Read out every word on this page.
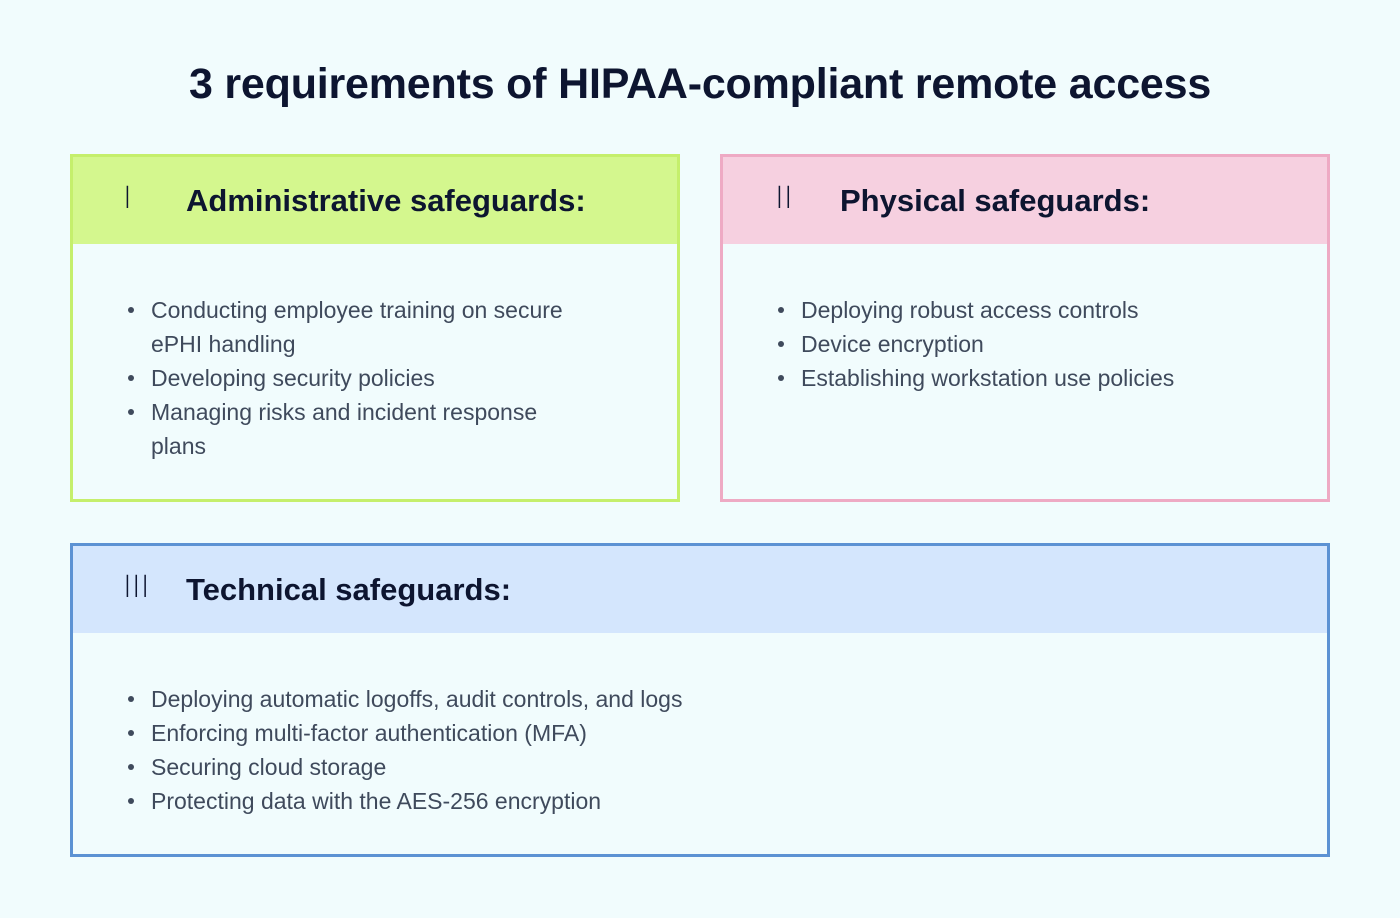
3 requirements of HIPAA-compliant remote access
I Administrative safeguards:
Conducting employee training on secure ePHI handling
Developing security policies
Managing risks and incident response plans
II Physical safeguards:
Deploying robust access controls
Device encryption
Establishing workstation use policies
III Technical safeguards:
Deploying automatic logoffs, audit controls, and logs
Enforcing multi-factor authentication (MFA)
Securing cloud storage
Protecting data with the AES-256 encryption
